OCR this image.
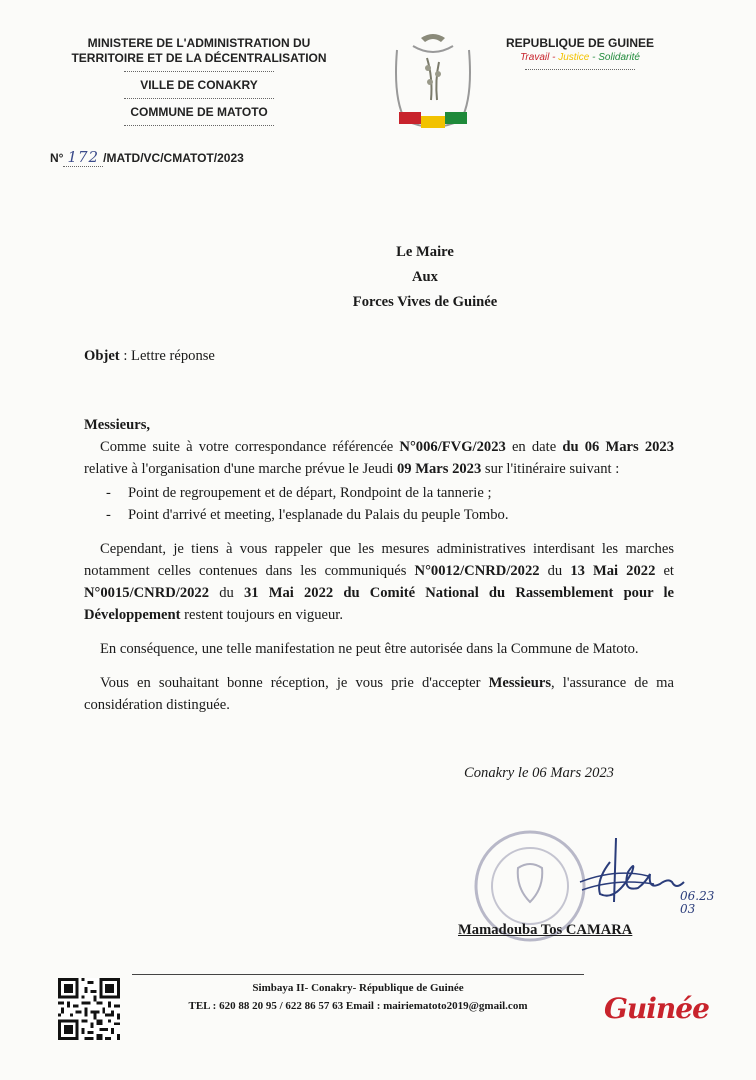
MINISTERE DE L'ADMINISTRATION DU
TERRITOIRE ET DE LA DÉCENTRALISATION
VILLE DE CONAKRY
COMMUNE DE MATOTO
N° 172 /MATD/VC/CMATOT/2023
REPUBLIQUE DE GUINEE
Travail - Justice - Solidarité
Le Maire
Aux
Forces Vives de Guinée
Objet : Lettre réponse
Messieurs,
Comme suite à votre correspondance référencée N°006/FVG/2023 en date du 06 Mars 2023 relative à l'organisation d'une marche prévue le Jeudi 09 Mars 2023 sur l'itinéraire suivant :
- Point de regroupement et de départ, Rondpoint de la tannerie ;
- Point d'arrivé et meeting, l'esplanade du Palais du peuple Tombo.
Cependant, je tiens à vous rappeler que les mesures administratives interdisant les marches notamment celles contenues dans les communiqués N°0012/CNRD/2022 du 13 Mai 2022 et N°0015/CNRD/2022 du 31 Mai 2022 du Comité National du Rassemblement pour le Développement restent toujours en vigueur.
En conséquence, une telle manifestation ne peut être autorisée dans la Commune de Matoto.
Vous en souhaitant bonne réception, je vous prie d'accepter Messieurs, l'assurance de ma considération distinguée.
Conakry le 06 Mars 2023
06.23 03
Mamadouba Tos CAMARA
Simbaya II- Conakry- République de Guinée
TEL : 620 88 20 95 / 622 86 57 63 Email : mairiematoto2019@gmail.com	Guinée
